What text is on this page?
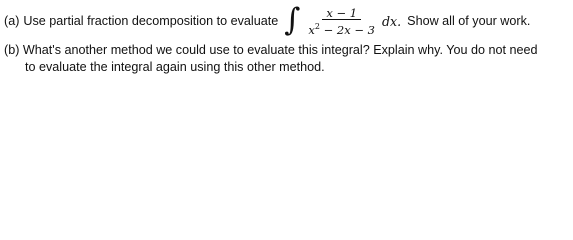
(a) Use partial fraction decomposition to evaluate ∫ $\frac{x - 1}{x^2 - 2x - 3}$ dx. Show all of your work.
(b) What's another method we could use to evaluate this integral? Explain why. You do not need
to evaluate the integral again using this other method.
